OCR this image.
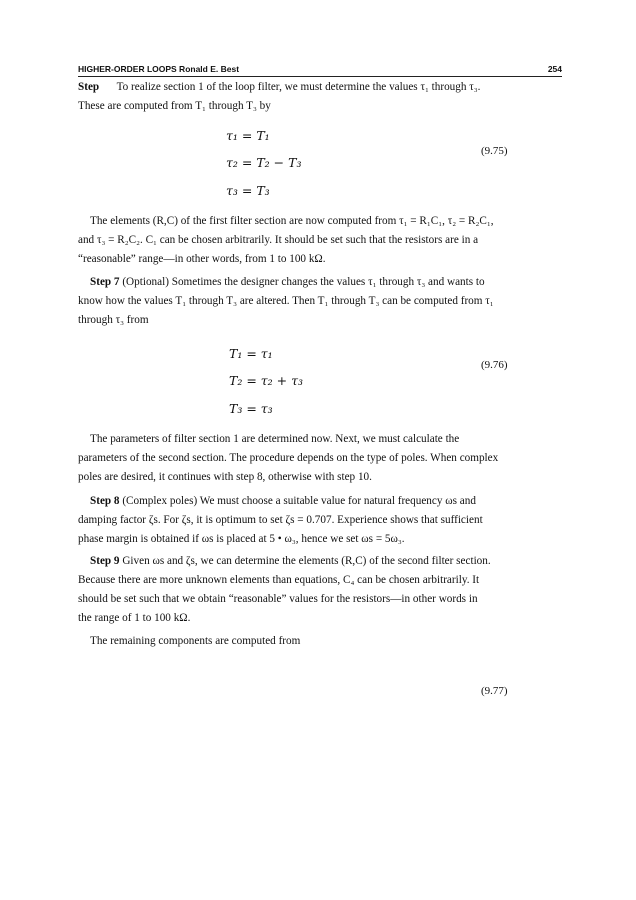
HIGHER-ORDER LOOPS Ronald E. Best	254

Step To realize section 1 of the loop filter, we must determine the values τ₁ through τ₃.
These are computed from T₁ through T₃ by

τ₁ = T₁
τ₂ = T₂ − T₃
τ₃ = T₃
(9.75)

The elements (R,C) of the first filter section are now computed from τ₁ = R₁C₁, τ₂ = R₂C₁,
and τ₃ = R₂C₂. C₁ can be chosen arbitrarily. It should be set such that the resistors are in a
“reasonable” range—in other words, from 1 to 100 kΩ.

Step 7 (Optional) Sometimes the designer changes the values τ₁ through τ₃ and wants to
know how the values T₁ through T₃ are altered. Then T₁ through T₃ can be computed from τ₁
through τ₃ from

T₁ = τ₁
T₂ = τ₂ + τ₃
T₃ = τ₃
(9.76)

The parameters of filter section 1 are determined now. Next, we must calculate the
parameters of the second section. The procedure depends on the type of poles. When complex
poles are desired, it continues with step 8, otherwise with step 10.

Step 8 (Complex poles) We must choose a suitable value for natural frequency ωs and
damping factor ζs. For ζs, it is optimum to set ζs = 0.707. Experience shows that sufficient
phase margin is obtained if ωs is placed at 5 • ω₃, hence we set ωs = 5ω₃.

Step 9 Given ωs and ζs, we can determine the elements (R,C) of the second filter section.
Because there are more unknown elements than equations, C₄ can be chosen arbitrarily. It
should be set such that we obtain “reasonable” values for the resistors—in other words in
the range of 1 to 100 kΩ.

The remaining components are computed from

(9.77)
